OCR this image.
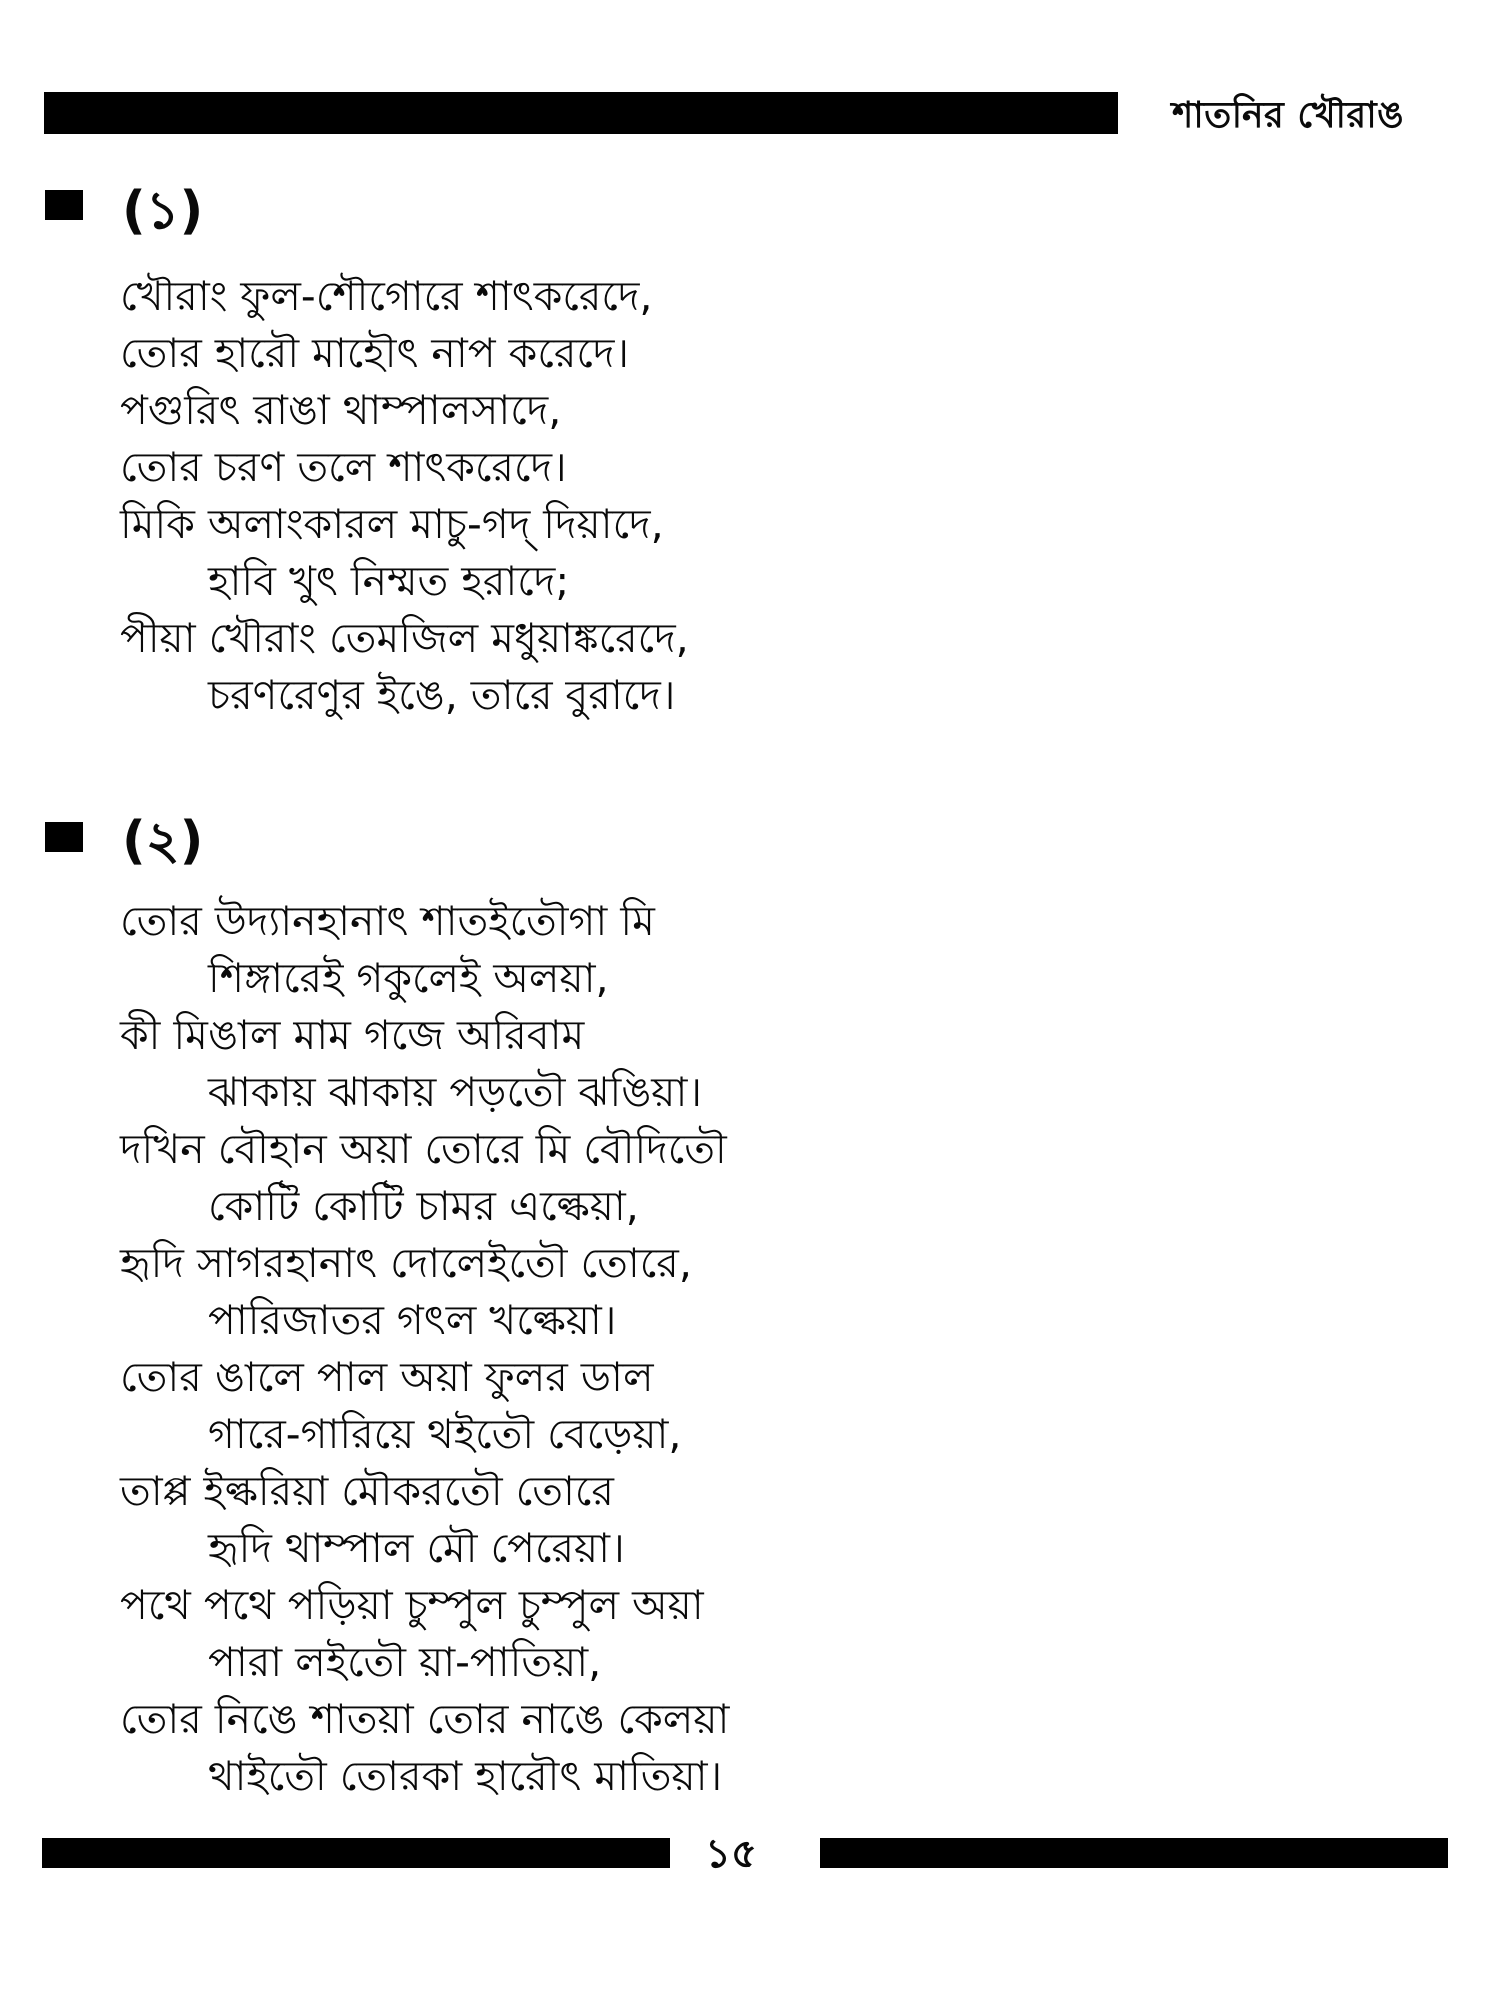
শাতনির খৌরাঙ
(১)
খৌরাং ফুল-শৌগোরে শাৎকরেদে,
তোর হারৌ মাহৌৎ নাপ করেদে।
পগুরিৎ রাঙা থাম্পালসাদে,
তোর চরণ তলে শাৎকরেদে।
মিকি অলাংকারল মাচু-গদ্ দিয়াদে,
হাবি খুৎ নিম্মত হরাদে;
পীয়া খৌরাং তেমজিল মধুয়াঙ্করেদে,
চরণরেণুর ইঙে, তারে বুরাদে।
(২)
তোর উদ্যানহানাৎ শাতইতৌগা মি
শিঙ্গারেই গকুলেই অলয়া,
কী মিঙাল মাম গজে অরিবাম
ঝাকায় ঝাকায় পড়তৌ ঝঙিয়া।
দখিন বৌহান অয়া তোরে মি বৌদিতৌ
কোটি কোটি চামর এল্কেয়া,
হৃদি সাগরহানাৎ দোলেইতৌ তোরে,
পারিজাতর গৎল খল্কেয়া।
তোর ঙালে পাল অয়া ফুলর ডাল
গারে-গারিয়ে থইতৌ বেড়েয়া,
তাপ্প ইল্করিয়া মৌকরতৌ তোরে
হৃদি থাম্পাল মৌ পেরেয়া।
পথে পথে পড়িয়া চুম্পুল চুম্পুল অয়া
পারা লইতৌ য়া-পাতিয়া,
তোর নিঙে শাতয়া তোর নাঙে কেলয়া
থাইতৌ তোরকা হারৌৎ মাতিয়া।
১৫
